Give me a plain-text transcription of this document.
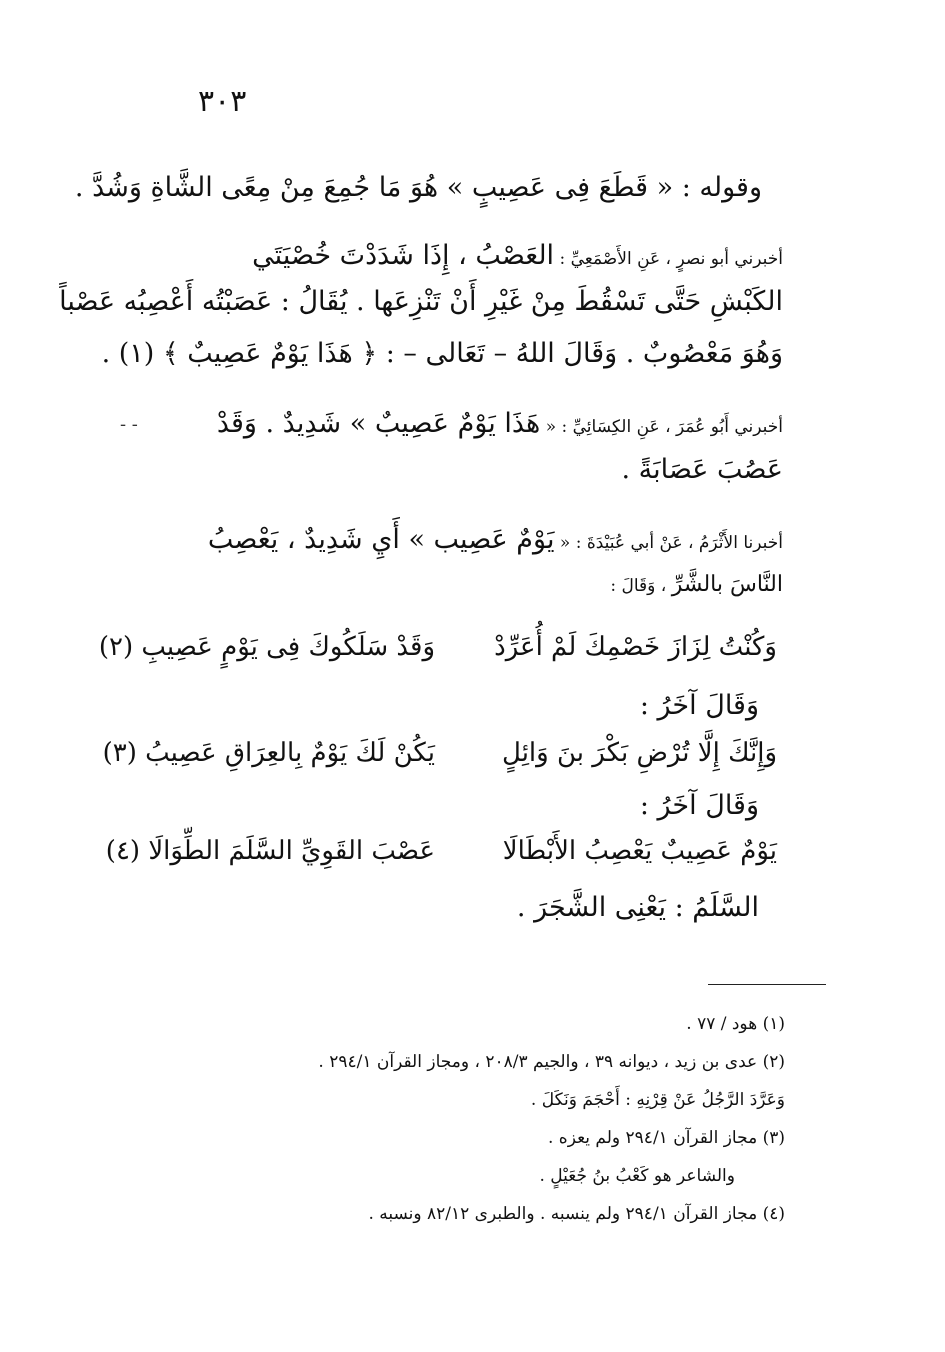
٣٠٣
وقوله : « قَطَعَ فِى عَصِيبٍ » هُوَ مَا جُمِعَ مِنْ مِعًى الشَّاةِ وَشُدَّ .
أخبرني أبو نصرٍ ، عَنِ الأَصْمَعِيِّ : العَصْبُ ، إِذَا شَدَدْتَ خُصْيَتَي
الكَبْشِ حَتَّى تَسْقُطَ مِنْ غَيْرِ أَنْ تَنْزِعَها . يُقَالُ : عَصَبْتُه أَعْصِبُه عَصْباً
وَهُوَ مَعْصُوبٌ . وَقَالَ اللهُ – تَعَالى – : ﴿ هَذَا يَوْمٌ عَصِيبٌ ﴾ (١) .
أخبرني أَبُو عُمَرَ ، عَنِ الكِسَائِيِّ : « هَذَا يَوْمٌ عَصِيبٌ » شَدِيدٌ . وَقَدْ
- -
عَصُبَ عَصَابَةً .
أخبرنا الأَثْرَمُ ، عَنْ أبي عُبَيْدَةَ : « يَوْمٌ عَصِيب » أَيِ شَدِيدٌ ، يَعْصِبُ
النَّاسَ بالشَّرِّ ، وَقَالَ :
وَكُنْتُ لِزَازَ خَصْمِكَ لَمْ أُعَرِّدْ
وَقَدْ سَلَكُوكَ فِى يَوْمٍ عَصِيبِ (٢)
وَقَالَ آخَرُ :
وَإِنَّكَ إِلَّا تُرْضِ بَكْرَ بنَ وَائِلٍ
يَكُنْ لَكَ يَوْمٌ بِالعِرَاقِ عَصِيبُ (٣)
وَقَالَ آخَرُ :
يَوْمٌ عَصِيبٌ يَعْصِبُ الأَبْطَالَا
عَصْبَ القَوِيِّ السَّلَمَ الطِّوَالَا (٤)
السَّلَمُ : يَعْنِى الشَّجَرَ .
(١) هود / ٧٧ .
(٢) عدى بن زيد ، ديوانه ٣٩ ، والجيم ٢٠٨/٣ ، ومجاز القرآن ٢٩٤/١ .
وَعَرَّدَ الرَّجُلُ عَنْ قِرْنِهِ : أَحْجَمَ وَنَكَلَ .
(٣) مجاز القرآن ٢٩٤/١ ولم يعزه .
والشاعر هو كَعْبُ بنُ جُعَيْلٍ .
(٤) مجاز القرآن ٢٩٤/١ ولم ينسبه . والطبرى ٨٢/١٢ ونسبه .
